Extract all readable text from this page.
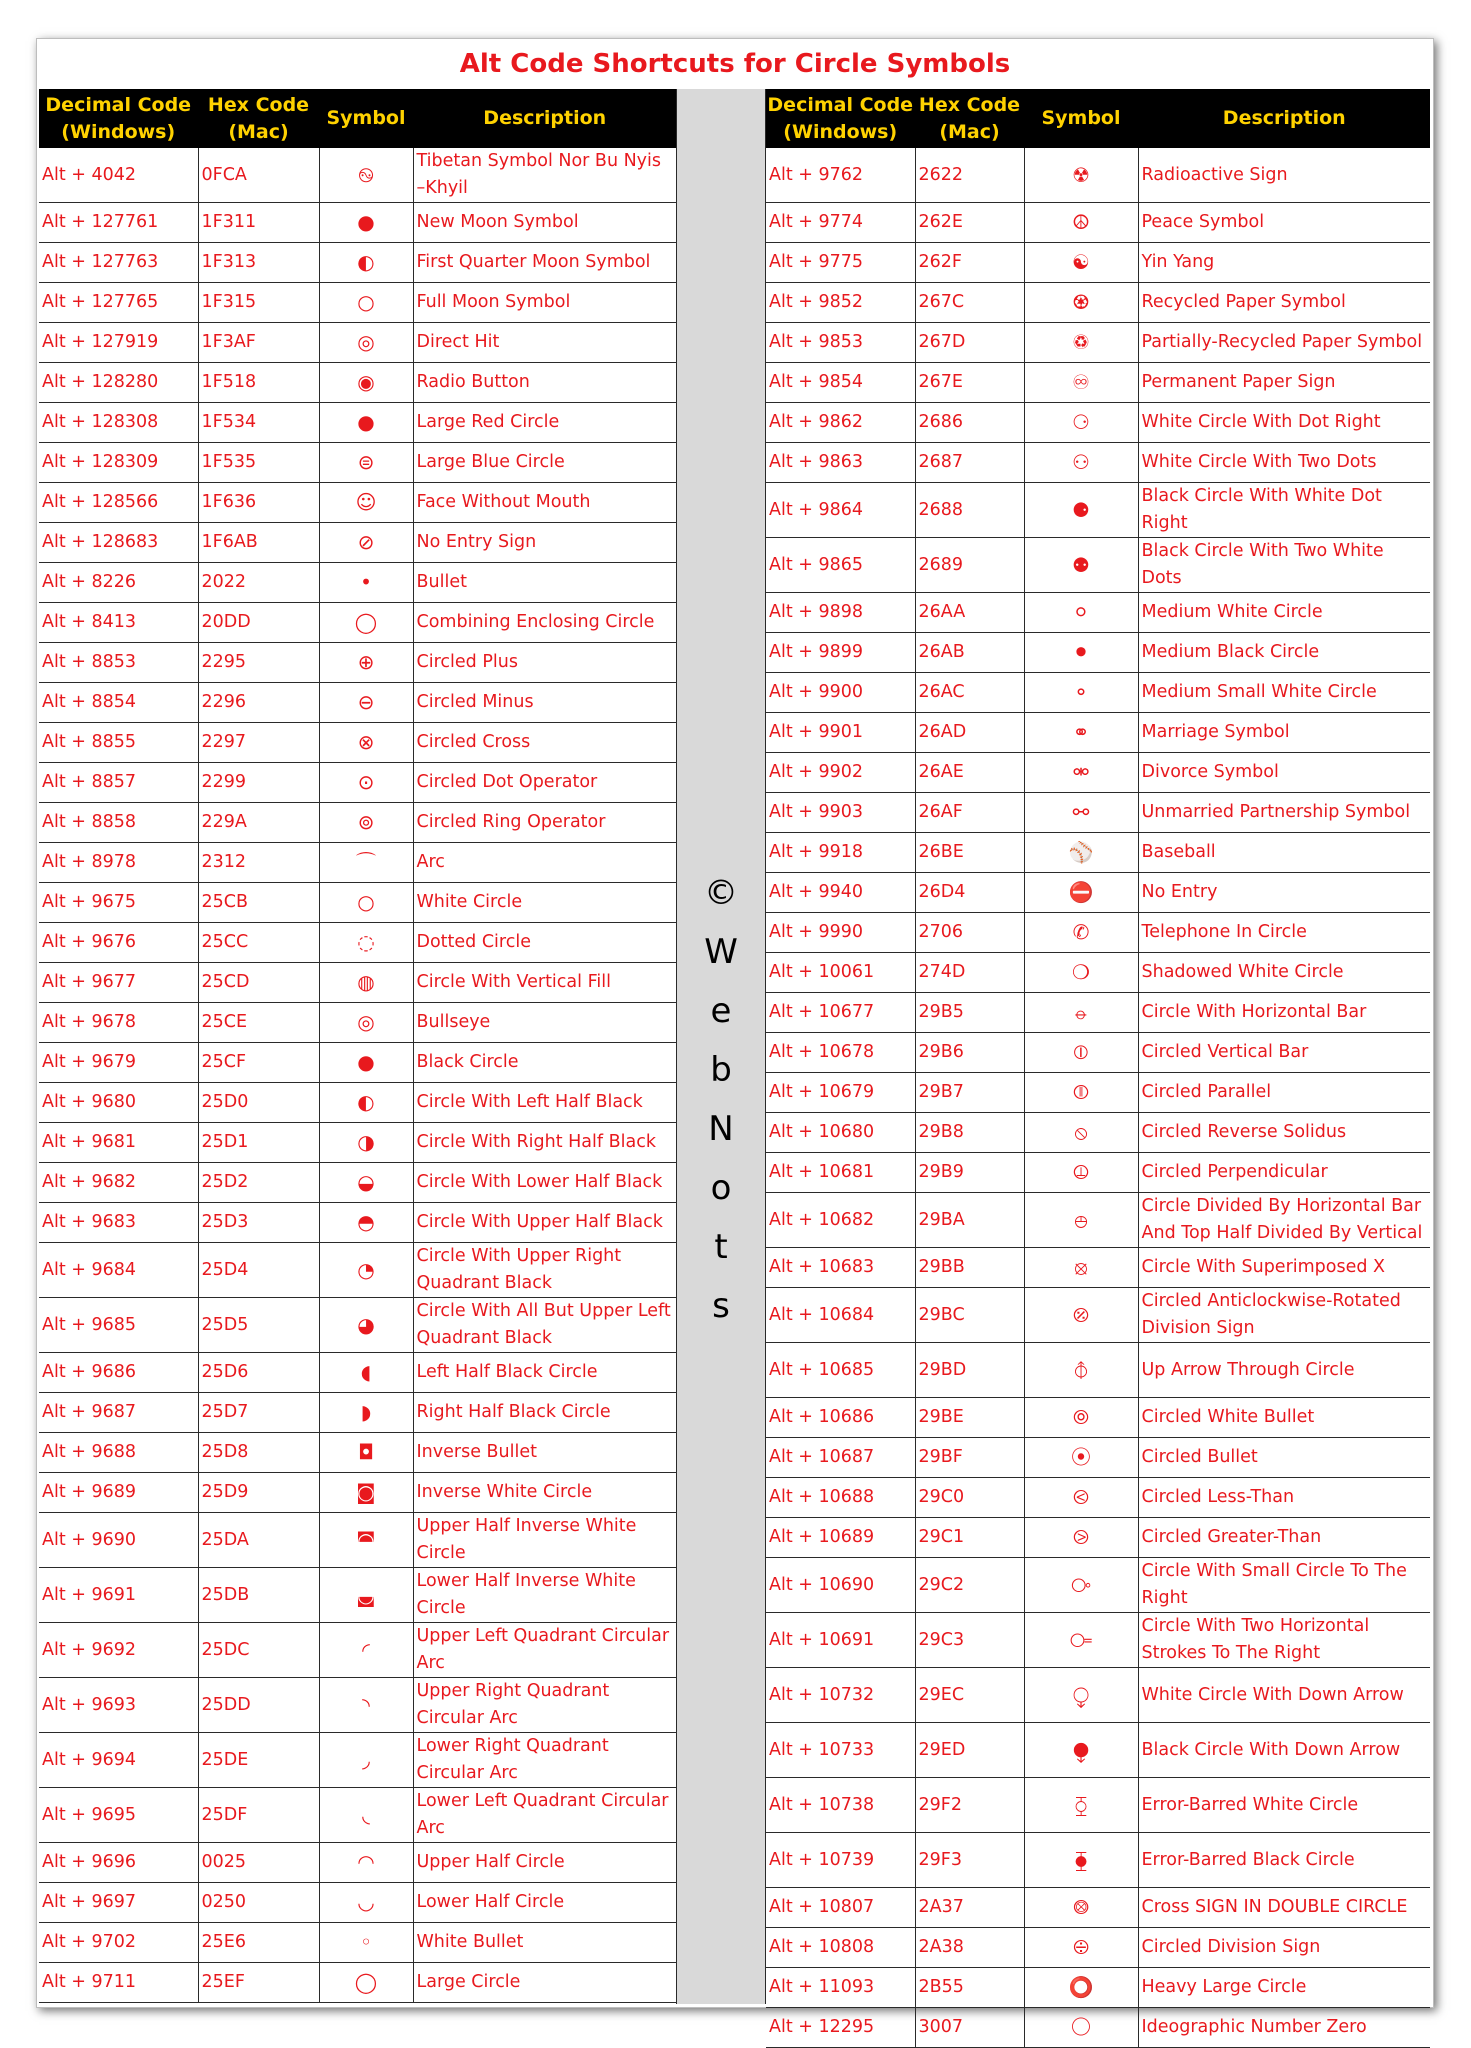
Alt Code Shortcuts for Circle Symbols
Decimal Code (Windows)	Hex Code (Mac)	Symbol	Description
Alt + 4042	0FCA	࿊	Tibetan Symbol Nor Bu Nyis –Khyil
Alt + 127761	1F311	●	New Moon Symbol
Alt + 127763	1F313	◐	First Quarter Moon Symbol
Alt + 127765	1F315	○	Full Moon Symbol
Alt + 127919	1F3AF	◎	Direct Hit
Alt + 128280	1F518	◉	Radio Button
Alt + 128308	1F534	●	Large Red Circle
Alt + 128309	1F535	⊜	Large Blue Circle
Alt + 128566	1F636	☺	Face Without Mouth
Alt + 128683	1F6AB	⊘	No Entry Sign
Alt + 8226	2022	•	Bullet
Alt + 8413	20DD	◯	Combining Enclosing Circle
Alt + 8853	2295	⊕	Circled Plus
Alt + 8854	2296	⊖	Circled Minus
Alt + 8855	2297	⊗	Circled Cross
Alt + 8857	2299	⊙	Circled Dot Operator
Alt + 8858	229A	⊚	Circled Ring Operator
Alt + 8978	2312	⌒	Arc
Alt + 9675	25CB	○	White Circle
Alt + 9676	25CC	◌	Dotted Circle
Alt + 9677	25CD	◍	Circle With Vertical Fill
Alt + 9678	25CE	◎	Bullseye
Alt + 9679	25CF	●	Black Circle
Alt + 9680	25D0	◐	Circle With Left Half Black
Alt + 9681	25D1	◑	Circle With Right Half Black
Alt + 9682	25D2	◒	Circle With Lower Half Black
Alt + 9683	25D3	◓	Circle With Upper Half Black
Alt + 9684	25D4	◔	Circle With Upper Right Quadrant Black
Alt + 9685	25D5	◕	Circle With All But Upper Left Quadrant Black
Alt + 9686	25D6	◖	Left Half Black Circle
Alt + 9687	25D7	◗	Right Half Black Circle
Alt + 9688	25D8	◘	Inverse Bullet
Alt + 9689	25D9	◙	Inverse White Circle
Alt + 9690	25DA	◚	Upper Half Inverse White Circle
Alt + 9691	25DB	◛	Lower Half Inverse White Circle
Alt + 9692	25DC	◜	Upper Left Quadrant Circular Arc
Alt + 9693	25DD	◝	Upper Right Quadrant Circular Arc
Alt + 9694	25DE	◞	Lower Right Quadrant Circular Arc
Alt + 9695	25DF	◟	Lower Left Quadrant Circular Arc
Alt + 9696	0025	◠	Upper Half Circle
Alt + 9697	0250	◡	Lower Half Circle
Alt + 9702	25E6	◦	White Bullet
Alt + 9711	25EF	◯	Large Circle
©
W
e
b
N
o
t
s
Decimal Code (Windows)	Hex Code (Mac)	Symbol	Description
Alt + 9762	2622	☢	Radioactive Sign
Alt + 9774	262E	☮	Peace Symbol
Alt + 9775	262F	☯	Yin Yang
Alt + 9852	267C	♼	Recycled Paper Symbol
Alt + 9853	267D	♽	Partially-Recycled Paper Symbol
Alt + 9854	267E	♾	Permanent Paper Sign
Alt + 9862	2686	⚆	White Circle With Dot Right
Alt + 9863	2687	⚇	White Circle With Two Dots
Alt + 9864	2688	⚈	Black Circle With White Dot Right
Alt + 9865	2689	⚉	Black Circle With Two White Dots
Alt + 9898	26AA	⚪	Medium White Circle
Alt + 9899	26AB	⚫	Medium Black Circle
Alt + 9900	26AC	⚬	Medium Small White Circle
Alt + 9901	26AD	⚭	Marriage Symbol
Alt + 9902	26AE	⚮	Divorce Symbol
Alt + 9903	26AF	⚯	Unmarried Partnership Symbol
Alt + 9918	26BE	⚾	Baseball
Alt + 9940	26D4	⛔	No Entry
Alt + 9990	2706	✆	Telephone In Circle
Alt + 10061	274D	❍	Shadowed White Circle
Alt + 10677	29B5	⦵	Circle With Horizontal Bar
Alt + 10678	29B6	⦶	Circled Vertical Bar
Alt + 10679	29B7	⦷	Circled Parallel
Alt + 10680	29B8	⦸	Circled Reverse Solidus
Alt + 10681	29B9	⦹	Circled Perpendicular
Alt + 10682	29BA	⦺	Circle Divided By Horizontal Bar And Top Half Divided By Vertical
Alt + 10683	29BB	⦻	Circle With Superimposed X
Alt + 10684	29BC	⦼	Circled Anticlockwise-Rotated Division Sign
Alt + 10685	29BD	⦽	Up Arrow Through Circle
Alt + 10686	29BE	⦾	Circled White Bullet
Alt + 10687	29BF	⦿	Circled Bullet
Alt + 10688	29C0	⧀	Circled Less-Than
Alt + 10689	29C1	⧁	Circled Greater-Than
Alt + 10690	29C2	⧂	Circle With Small Circle To The Right
Alt + 10691	29C3	⧃	Circle With Two Horizontal Strokes To The Right
Alt + 10732	29EC	⧬	White Circle With Down Arrow
Alt + 10733	29ED	⧭	Black Circle With Down Arrow
Alt + 10738	29F2	⧲	Error-Barred White Circle
Alt + 10739	29F3	⧳	Error-Barred Black Circle
Alt + 10807	2A37	⨷	Cross SIGN IN DOUBLE CIRCLE
Alt + 10808	2A38	⨸	Circled Division Sign
Alt + 11093	2B55	⭕	Heavy Large Circle
Alt + 12295	3007	〇	Ideographic Number Zero
